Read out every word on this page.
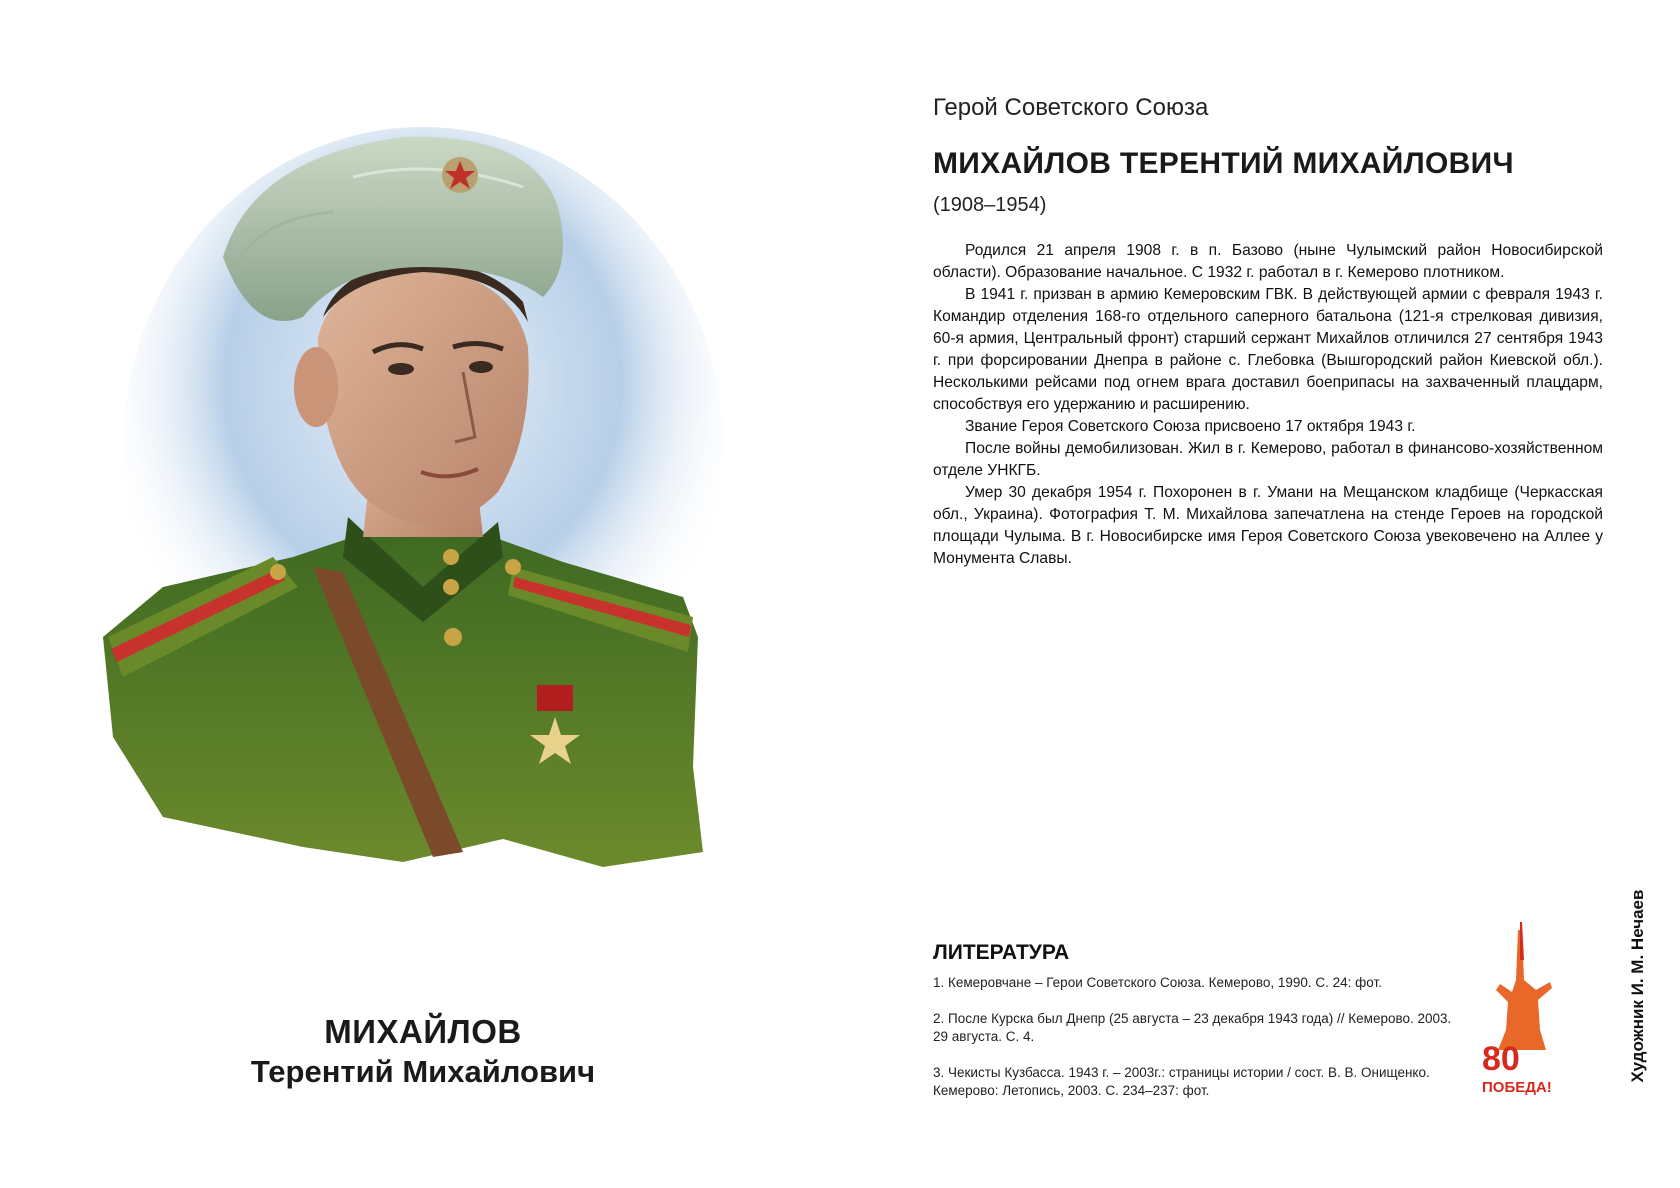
МИХАЙЛОВ
Терентий Михайлович
Герой Советского Союза
МИХАЙЛОВ ТЕРЕНТИЙ МИХАЙЛОВИЧ
(1908–1954)

Родился 21 апреля 1908 г. в п. Базово (ныне Чулымский район Новосибирской области). Образование начальное. С 1932 г. работал в г. Кемерово плотником.

В 1941 г. призван в армию Кемеровским ГВК. В действующей армии с февраля 1943 г. Командир отделения 168-го отдельного саперного батальона (121-я стрелковая дивизия, 60-я армия, Центральный фронт) старший сержант Михайлов отличился 27 сентября 1943 г. при форсировании Днепра в районе с. Глебовка (Вышгородский район Киевской обл.). Несколькими рейсами под огнем врага доставил боеприпасы на захваченный плацдарм, способствуя его удержанию и расширению.

Звание Героя Советского Союза присвоено 17 октября 1943 г.

После войны демобилизован. Жил в г. Кемерово, работал в финансово-хозяйственном отделе УНКГБ.

Умер 30 декабря 1954 г. Похоронен в г. Умани на Мещанском кладбище (Черкасская обл., Украина). Фотография Т. М. Михайлова запечатлена на стенде Героев на городской площади Чулыма. В г. Новосибирске имя Героя Советского Союза увековечено на Аллее у Монумента Славы.

ЛИТЕРАТУРА
1. Кемеровчане – Герои Советского Союза. Кемерово, 1990. С. 24: фот.
2. После Курска был Днепр (25 августа – 23 декабря 1943 года) // Кемерово. 2003. 29 августа. С. 4.
3. Чекисты Кузбасса. 1943 г. – 2003г.: страницы истории / сост. В. В. Онищенко. Кемерово: Летопись, 2003. С. 234–237: фот.
80
ПОБЕДА!
Художник И. М. Нечаев
